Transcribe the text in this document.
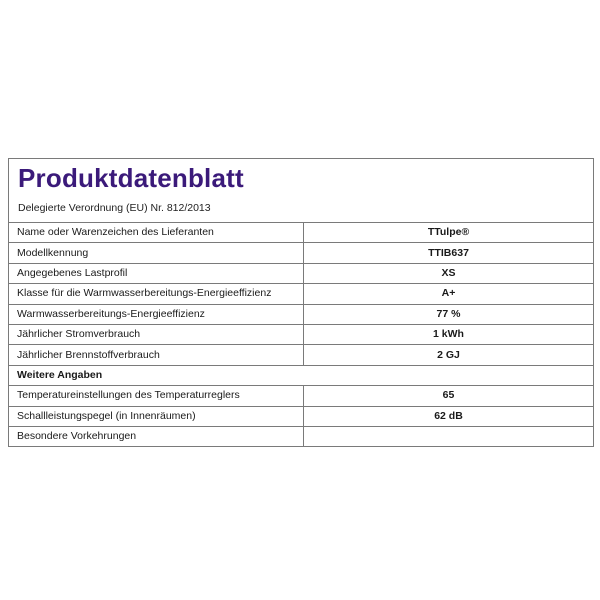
Produktdatenblatt
Delegierte Verordnung (EU) Nr. 812/2013
Name oder Warenzeichen des Lieferanten	TTulpe®
Modellkennung	TTIB637
Angegebenes Lastprofil	XS
Klasse für die Warmwasserbereitungs-Energieeffizienz	A+
Warmwasserbereitungs-Energieeffizienz	77 %
Jährlicher Stromverbrauch	1 kWh
Jährlicher Brennstoffverbrauch	2 GJ
Weitere Angaben	
Temperatureinstellungen des Temperaturreglers	65
Schallleistungspegel (in Innenräumen)	62 dB
Besondere Vorkehrungen	
